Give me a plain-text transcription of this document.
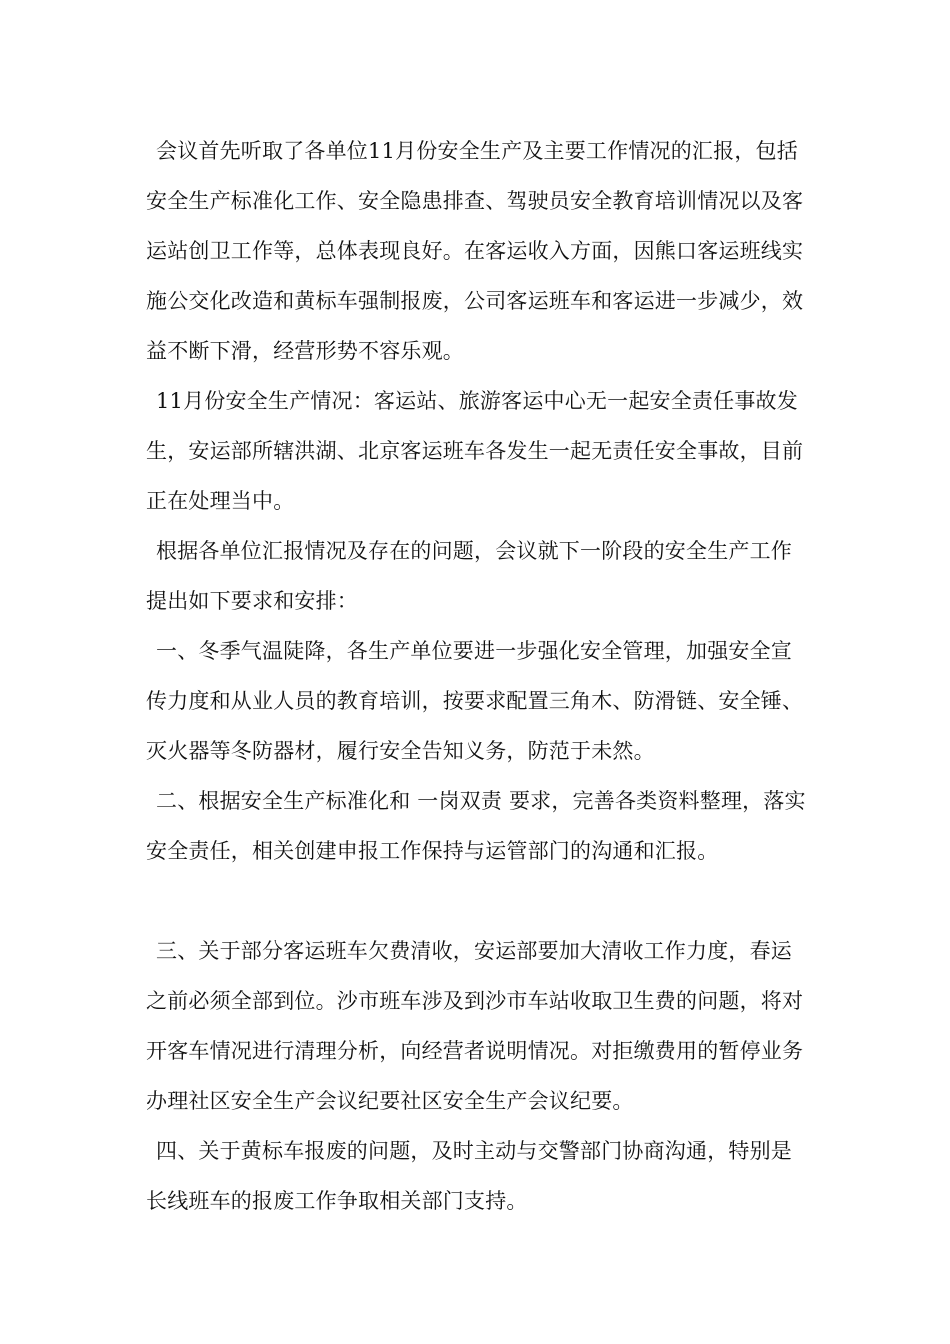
会议首先听取了各单位11月份安全生产及主要工作情况的汇报，包括安全生产标准化工作、安全隐患排查、驾驶员安全教育培训情况以及客运站创卫工作等，总体表现良好。在客运收入方面，因熊口客运班线实施公交化改造和黄标车强制报废，公司客运班车和客运进一步减少，效益不断下滑，经营形势不容乐观。

11月份安全生产情况：客运站、旅游客运中心无一起安全责任事故发生，安运部所辖洪湖、北京客运班车各发生一起无责任安全事故，目前正在处理当中。

根据各单位汇报情况及存在的问题，会议就下一阶段的安全生产工作提出如下要求和安排：

一、冬季气温陡降，各生产单位要进一步强化安全管理，加强安全宣传力度和从业人员的教育培训，按要求配置三角木、防滑链、安全锤、灭火器等冬防器材，履行安全告知义务，防范于未然。

二、根据安全生产标准化和 一岗双责 要求，完善各类资料整理，落实安全责任，相关创建申报工作保持与运管部门的沟通和汇报。

三、关于部分客运班车欠费清收，安运部要加大清收工作力度，春运之前必须全部到位。沙市班车涉及到沙市车站收取卫生费的问题，将对开客车情况进行清理分析，向经营者说明情况。对拒缴费用的暂停业务办理社区安全生产会议纪要社区安全生产会议纪要。

四、关于黄标车报废的问题，及时主动与交警部门协商沟通，特别是长线班车的报废工作争取相关部门支持。
